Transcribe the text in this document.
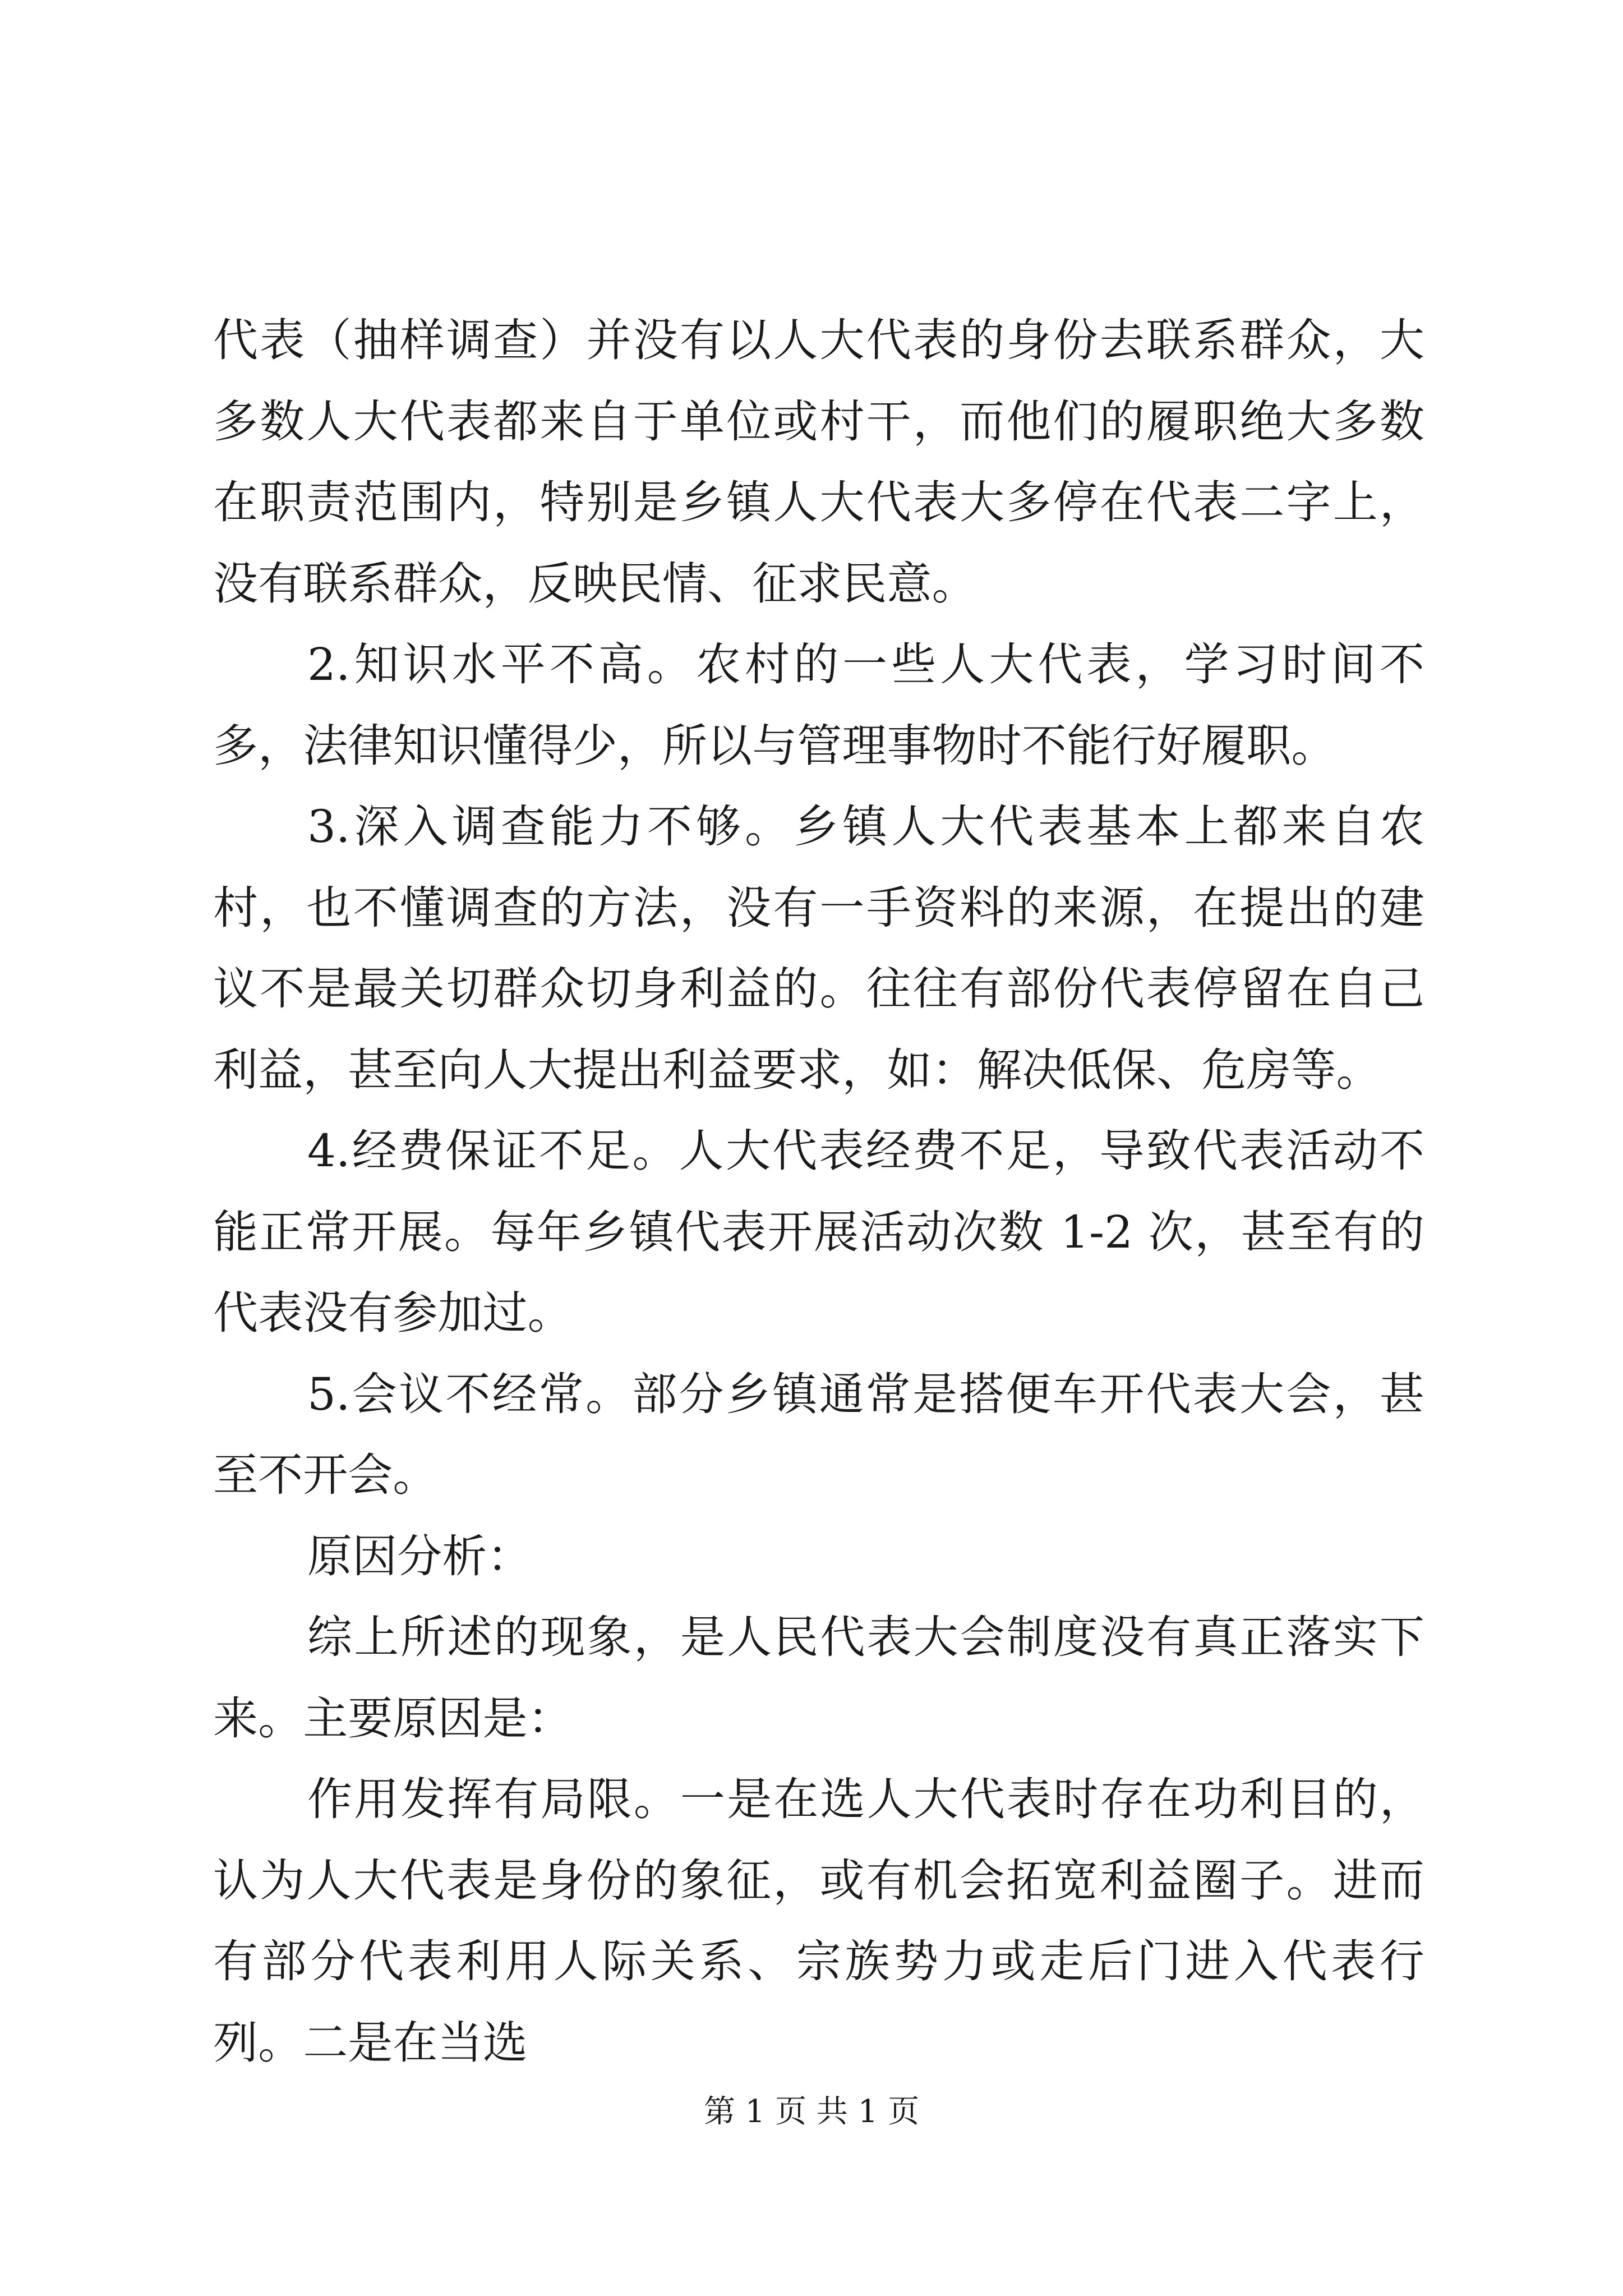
代表（抽样调查）并没有以人大代表的身份去联系群众，大多数人大代表都来自于单位或村干，而他们的履职绝大多数在职责范围内，特别是乡镇人大代表大多停在代表二字上，没有联系群众，反映民情、征求民意。

2.知识水平不高。农村的一些人大代表，学习时间不多，法律知识懂得少，所以与管理事物时不能行好履职。

3.深入调查能力不够。乡镇人大代表基本上都来自农村，也不懂调查的方法，没有一手资料的来源，在提出的建议不是最关切群众切身利益的。往往有部份代表停留在自己利益，甚至向人大提出利益要求，如：解决低保、危房等。

4.经费保证不足。人大代表经费不足，导致代表活动不能正常开展。每年乡镇代表开展活动次数 1-2 次，甚至有的代表没有参加过。

5.会议不经常。部分乡镇通常是搭便车开代表大会，甚至不开会。

原因分析：

综上所述的现象，是人民代表大会制度没有真正落实下来。主要原因是：

作用发挥有局限。一是在选人大代表时存在功利目的，认为人大代表是身份的象征，或有机会拓宽利益圈子。进而有部分代表利用人际关系、宗族势力或走后门进入代表行列。二是在当选

第 1 页 共 1 页
